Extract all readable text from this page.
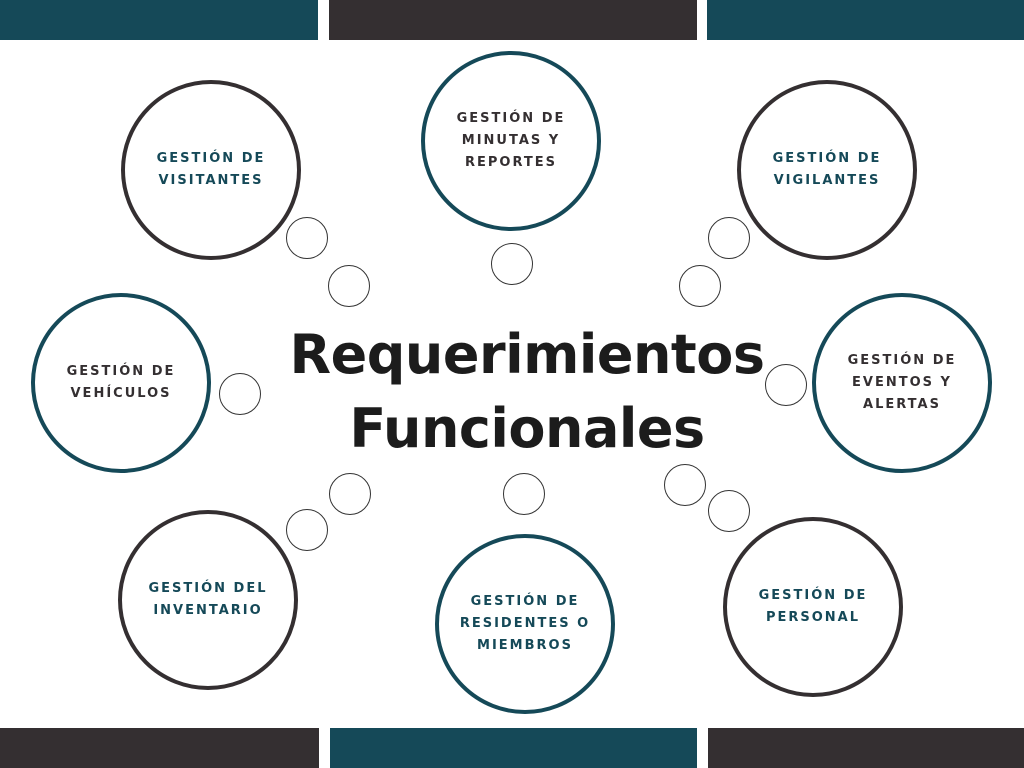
Requerimientos
Funcionales
GESTIÓN DE
VISITANTES
GESTIÓN DE
MINUTAS Y
REPORTES	GESTIÓN DE
VIGILANTES
GESTIÓN DE
VEHÍCULOS
GESTIÓN DE
EVENTOS Y
ALERTAS
GESTIÓN DEL
INVENTARIO
GESTIÓN DE
RESIDENTES O
MIEMBROS
GESTIÓN DE
PERSONAL
